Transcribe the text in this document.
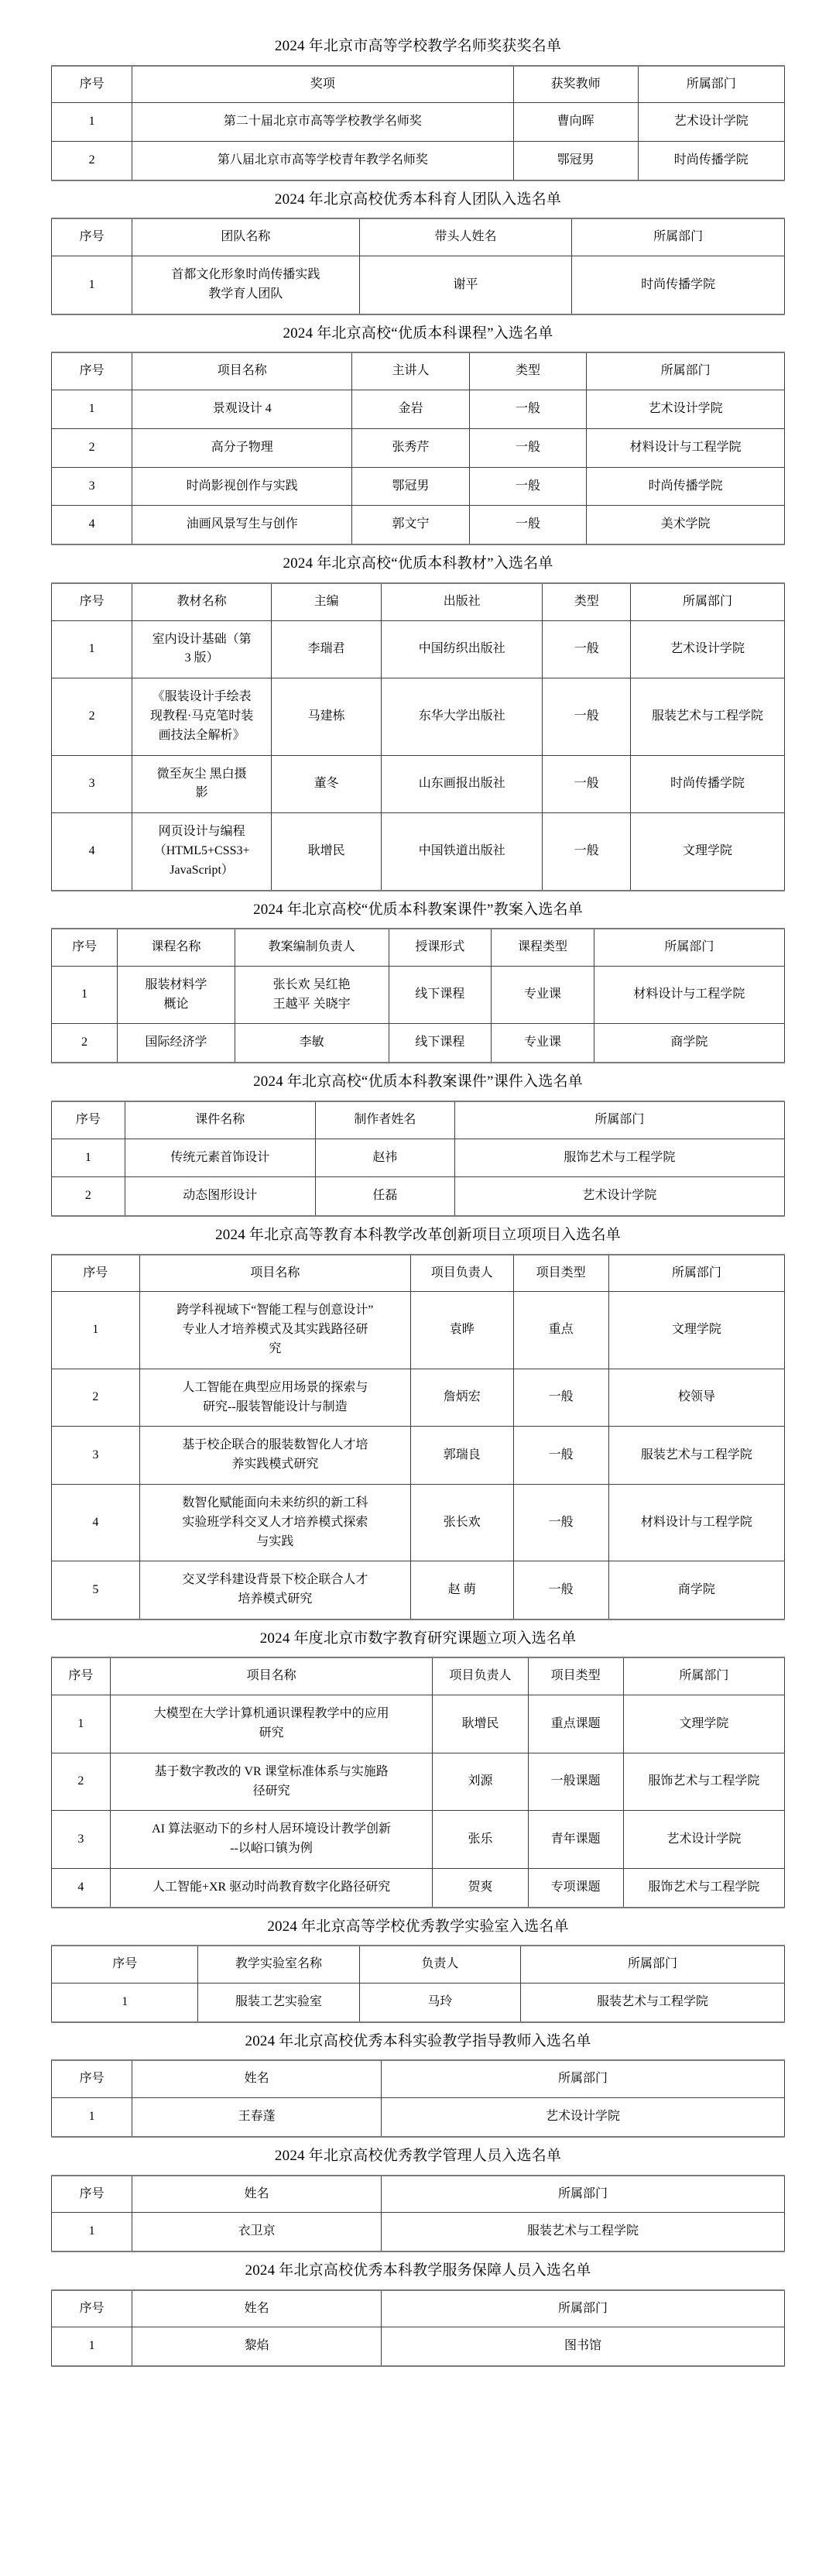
2024 年北京市高等学校教学名师奖获奖名单
序号	奖项	获奖教师	所属部门
1	第二十届北京市高等学校教学名师奖	曹向晖	艺术设计学院
2	第八届北京市高等学校青年教学名师奖	鄂冠男	时尚传播学院
2024 年北京高校优秀本科育人团队入选名单
序号	团队名称	带头人姓名	所属部门
1	首都文化形象时尚传播实践
教学育人团队	谢平	时尚传播学院
2024 年北京高校“优质本科课程”入选名单
序号	项目名称	主讲人	类型	所属部门
1	景观设计 4	金岩	一般	艺术设计学院
2	高分子物理	张秀芹	一般	材料设计与工程学院
3	时尚影视创作与实践	鄂冠男	一般	时尚传播学院
4	油画风景写生与创作	郭文宁	一般	美术学院
2024 年北京高校“优质本科教材”入选名单
序号	教材名称	主编	出版社	类型	所属部门
1	室内设计基础（第
3 版）	李瑞君	中国纺织出版社	一般	艺术设计学院
2	《服装设计手绘表
现教程·马克笔时装
画技法全解析》	马建栋	东华大学出版社	一般	服装艺术与工程学院
3	微至灰尘 黑白摄
影	董冬	山东画报出版社	一般	时尚传播学院
4	网页设计与编程
（HTML5+CSS3+
JavaScript）	耿增民	中国铁道出版社	一般	文理学院
2024 年北京高校“优质本科教案课件”教案入选名单
序号	课程名称	教案编制负责人	授课形式	课程类型	所属部门
1	服装材料学
概论	张长欢 吴红艳
王越平 关晓宇	线下课程	专业课	材料设计与工程学院
2	国际经济学	李敏	线下课程	专业课	商学院
2024 年北京高校“优质本科教案课件”课件入选名单
序号	课件名称	制作者姓名	所属部门
1	传统元素首饰设计	赵祎	服饰艺术与工程学院
2	动态图形设计	任磊	艺术设计学院
2024 年北京高等教育本科教学改革创新项目立项项目入选名单
序号	项目名称	项目负责人	项目类型	所属部门
1	跨学科视域下“智能工程与创意设计”
专业人才培养模式及其实践路径研
究	袁晔	重点	文理学院
2	人工智能在典型应用场景的探索与
研究--服装智能设计与制造	詹炳宏	一般	校领导
3	基于校企联合的服装数智化人才培
养实践模式研究	郭瑞良	一般	服装艺术与工程学院
4	数智化赋能面向未来纺织的新工科
实验班学科交叉人才培养模式探索
与实践	张长欢	一般	材料设计与工程学院
5	交叉学科建设背景下校企联合人才
培养模式研究	赵 萌	一般	商学院
2024 年度北京市数字教育研究课题立项入选名单
序号	项目名称	项目负责人	项目类型	所属部门
1	大模型在大学计算机通识课程教学中的应用
研究	耿增民	重点课题	文理学院
2	基于数字教改的 VR 课堂标准体系与实施路
径研究	刘源	一般课题	服饰艺术与工程学院
3	AI 算法驱动下的乡村人居环境设计教学创新
--以峪口镇为例	张乐	青年课题	艺术设计学院
4	人工智能+XR 驱动时尚教育数字化路径研究	贺爽	专项课题	服饰艺术与工程学院
2024 年北京高等学校优秀教学实验室入选名单
序号	教学实验室名称	负责人	所属部门
1	服装工艺实验室	马玲	服装艺术与工程学院
2024 年北京高校优秀本科实验教学指导教师入选名单
序号	姓名	所属部门
1	王春蓬	艺术设计学院
2024 年北京高校优秀教学管理人员入选名单
序号	姓名	所属部门
1	衣卫京	服装艺术与工程学院
2024 年北京高校优秀本科教学服务保障人员入选名单
序号	姓名	所属部门
1	黎焰	图书馆
